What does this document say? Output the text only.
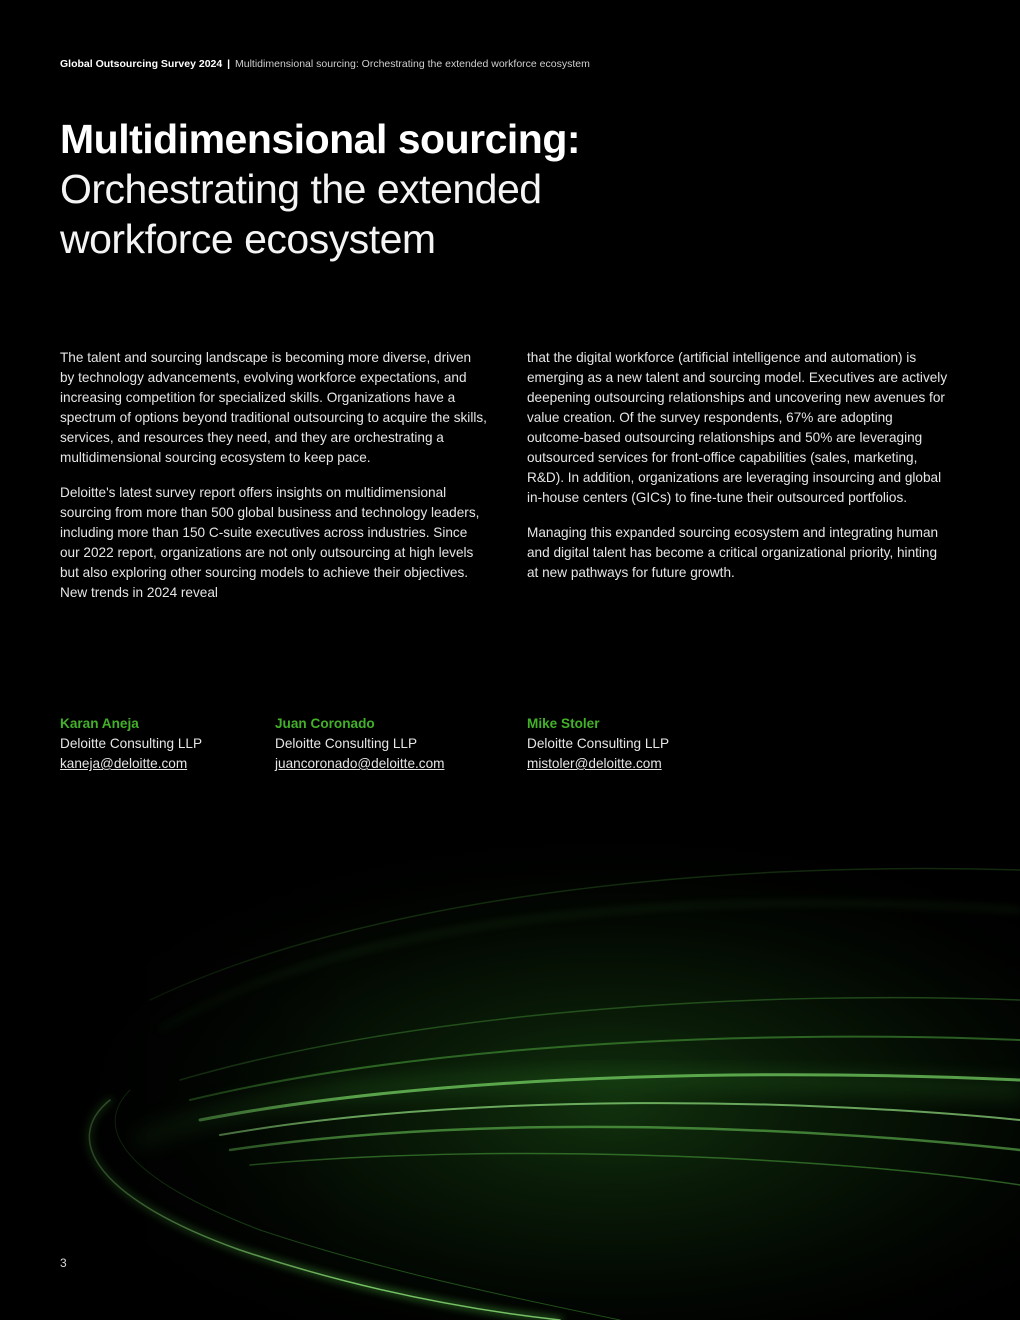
Global Outsourcing Survey 2024 | Multidimensional sourcing: Orchestrating the extended workforce ecosystem
Multidimensional sourcing:
Orchestrating the extended
workforce ecosystem

The talent and sourcing landscape is becoming more diverse, driven by technology advancements, evolving workforce expectations, and increasing competition for specialized skills. Organizations have a spectrum of options beyond traditional outsourcing to acquire the skills, services, and resources they need, and they are orchestrating a multidimensional sourcing ecosystem to keep pace.

Deloitte's latest survey report offers insights on multidimensional sourcing from more than 500 global business and technology leaders, including more than 150 C-suite executives across industries. Since our 2022 report, organizations are not only outsourcing at high levels but also exploring other sourcing models to achieve their objectives. New trends in 2024 reveal

that the digital workforce (artificial intelligence and automation) is emerging as a new talent and sourcing model. Executives are actively deepening outsourcing relationships and uncovering new avenues for value creation. Of the survey respondents, 67% are adopting outcome-based outsourcing relationships and 50% are leveraging outsourced services for front-office capabilities (sales, marketing, R&D). In addition, organizations are leveraging insourcing and global in-house centers (GICs) to fine-tune their outsourced portfolios.

Managing this expanded sourcing ecosystem and integrating human and digital talent has become a critical organizational priority, hinting at new pathways for future growth.

Karan Aneja
Deloitte Consulting LLP
kaneja@deloitte.com
Juan Coronado
Deloitte Consulting LLP
juancoronado@deloitte.com
Mike Stoler
Deloitte Consulting LLP
mistoler@deloitte.com
3
